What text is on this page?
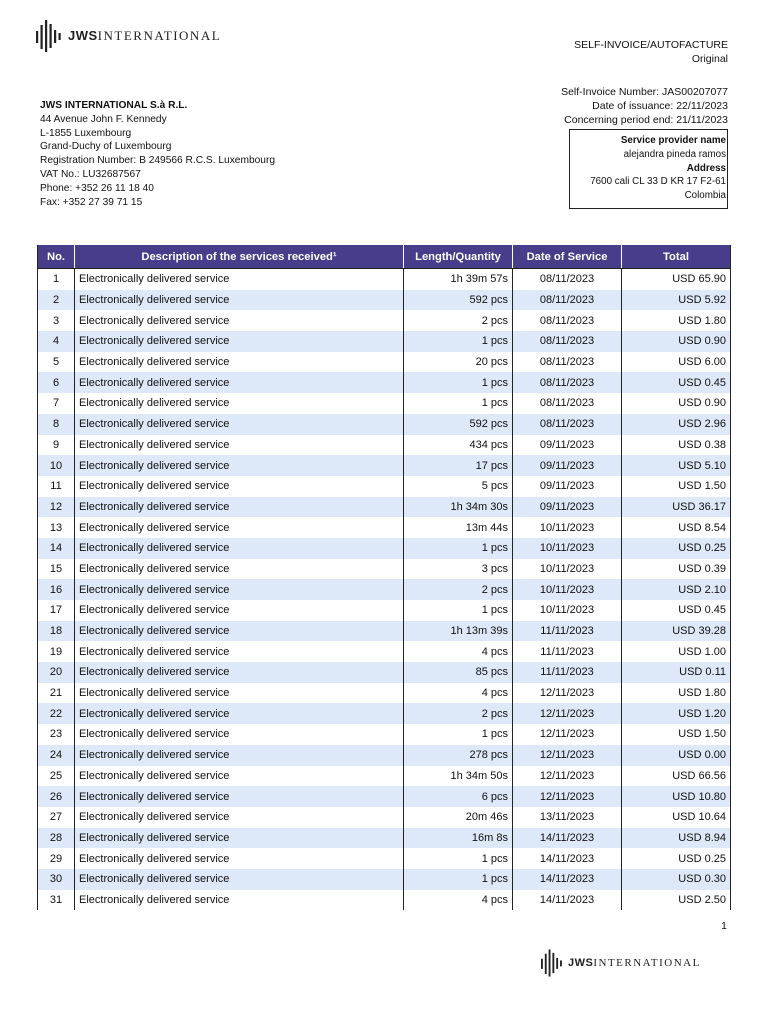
JWSINTERNATIONAL
SELF-INVOICE/AUTOFACTURE
Original
Self-Invoice Number: JAS00207077
Date of issuance: 22/11/2023
Concerning period end: 21/11/2023
JWS INTERNATIONAL S.à R.L.
44 Avenue John F. Kennedy
L-1855 Luxembourg
Grand-Duchy of Luxembourg
Registration Number: B 249566 R.C.S. Luxembourg
VAT No.: LU32687567
Phone: +352 26 11 18 40
Fax: +352 27 39 71 15
Service provider name
alejandra pineda ramos
Address
7600 cali CL 33 D KR 17 F2-61
Colombia
No.	Description of the services received¹	Length/Quantity	Date of Service	Total
1	Electronically delivered service	1h 39m 57s	08/11/2023	USD 65.90
2	Electronically delivered service	592 pcs	08/11/2023	USD 5.92
3	Electronically delivered service	2 pcs	08/11/2023	USD 1.80
4	Electronically delivered service	1 pcs	08/11/2023	USD 0.90
5	Electronically delivered service	20 pcs	08/11/2023	USD 6.00
6	Electronically delivered service	1 pcs	08/11/2023	USD 0.45
7	Electronically delivered service	1 pcs	08/11/2023	USD 0.90
8	Electronically delivered service	592 pcs	08/11/2023	USD 2.96
9	Electronically delivered service	434 pcs	09/11/2023	USD 0.38
10	Electronically delivered service	17 pcs	09/11/2023	USD 5.10
11	Electronically delivered service	5 pcs	09/11/2023	USD 1.50
12	Electronically delivered service	1h 34m 30s	09/11/2023	USD 36.17
13	Electronically delivered service	13m 44s	10/11/2023	USD 8.54
14	Electronically delivered service	1 pcs	10/11/2023	USD 0.25
15	Electronically delivered service	3 pcs	10/11/2023	USD 0.39
16	Electronically delivered service	2 pcs	10/11/2023	USD 2.10
17	Electronically delivered service	1 pcs	10/11/2023	USD 0.45
18	Electronically delivered service	1h 13m 39s	11/11/2023	USD 39.28
19	Electronically delivered service	4 pcs	11/11/2023	USD 1.00
20	Electronically delivered service	85 pcs	11/11/2023	USD 0.11
21	Electronically delivered service	4 pcs	12/11/2023	USD 1.80
22	Electronically delivered service	2 pcs	12/11/2023	USD 1.20
23	Electronically delivered service	1 pcs	12/11/2023	USD 1.50
24	Electronically delivered service	278 pcs	12/11/2023	USD 0.00
25	Electronically delivered service	1h 34m 50s	12/11/2023	USD 66.56
26	Electronically delivered service	6 pcs	12/11/2023	USD 10.80
27	Electronically delivered service	20m 46s	13/11/2023	USD 10.64
28	Electronically delivered service	16m 8s	14/11/2023	USD 8.94
29	Electronically delivered service	1 pcs	14/11/2023	USD 0.25
30	Electronically delivered service	1 pcs	14/11/2023	USD 0.30
31	Electronically delivered service	4 pcs	14/11/2023	USD 2.50
1
JWSINTERNATIONAL
